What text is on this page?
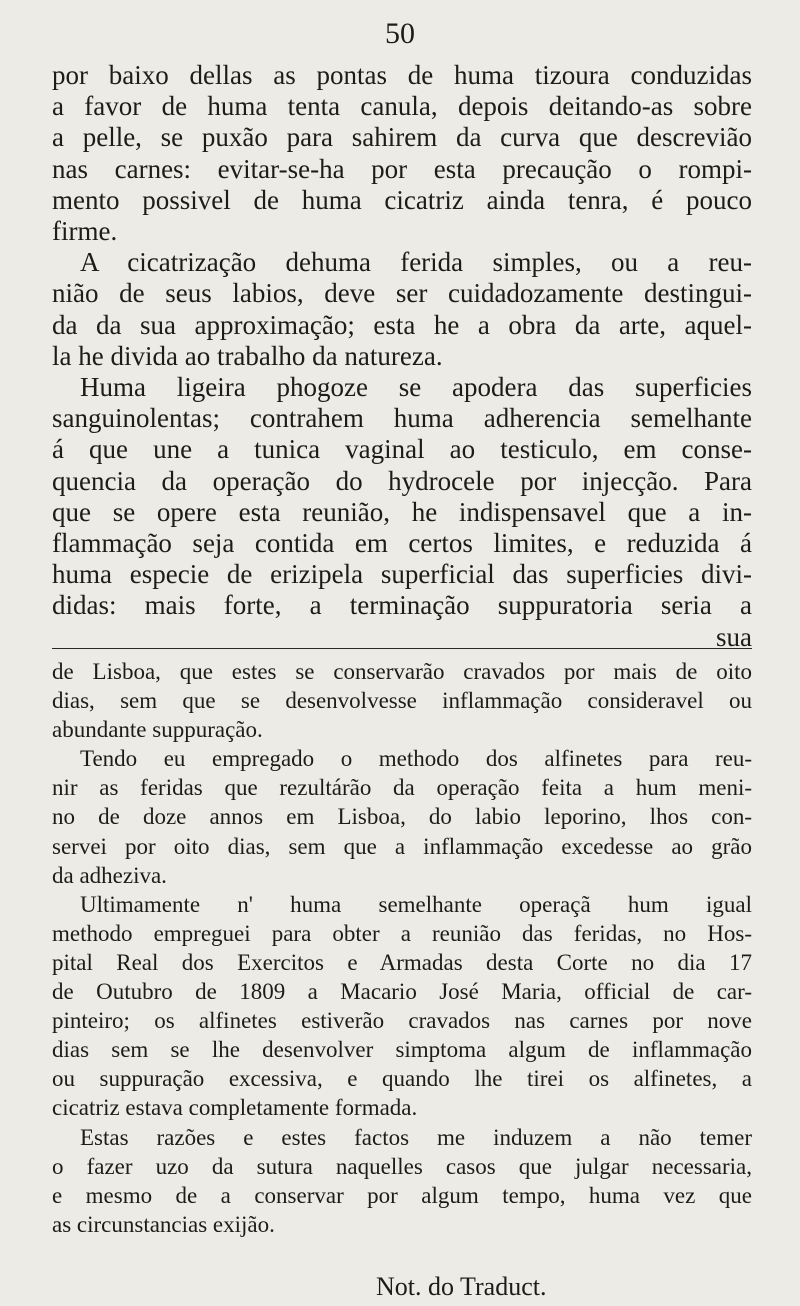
50
por baixo dellas as pontas de huma tizoura conduzidas
a favor de huma tenta canula, depois deitando-as sobre
a pelle, se puxão para sahirem da curva que descrevião
nas carnes: evitar-se-ha por esta precaução o rompi-
mento possivel de huma cicatriz ainda tenra, é pouco
firme.
A cicatrização dehuma ferida simples, ou a reu-
nião de seus labios, deve ser cuidadozamente destingui-
da da sua approximação; esta he a obra da arte, aquel-
la he divida ao trabalho da natureza.
Huma ligeira phogoze se apodera das superficies
sanguinolentas; contrahem huma adherencia semelhante
á que une a tunica vaginal ao testiculo, em conse-
quencia da operação do hydrocele por injecção. Para
que se opere esta reunião, he indispensavel que a in-
flammação seja contida em certos limites, e reduzida á
huma especie de erizipela superficial das superficies divi-
didas: mais forte, a terminação suppuratoria seria a
sua
de Lisboa, que estes se conservarão cravados por mais de oito
dias, sem que se desenvolvesse inflammação consideravel ou
abundante suppuração.
Tendo eu empregado o methodo dos alfinetes para reu-
nir as feridas que rezultárão da operação feita a hum meni-
no de doze annos em Lisboa, do labio leporino, lhos con-
servei por oito dias, sem que a inflammação excedesse ao grão
da adheziva.
Ultimamente n' huma semelhante operaçã hum igual
methodo empreguei para obter a reunião das feridas, no Hos-
pital Real dos Exercitos e Armadas desta Corte no dia 17
de Outubro de 1809 a Macario José Maria, official de car-
pinteiro; os alfinetes estiverão cravados nas carnes por nove
dias sem se lhe desenvolver simptoma algum de inflammação
ou suppuração excessiva, e quando lhe tirei os alfinetes, a
cicatriz estava completamente formada.
Estas razões e estes factos me induzem a não temer
o fazer uzo da sutura naquelles casos que julgar necessaria,
e mesmo de a conservar por algum tempo, huma vez que
as circunstancias exijão.
Not. do Traduct.
